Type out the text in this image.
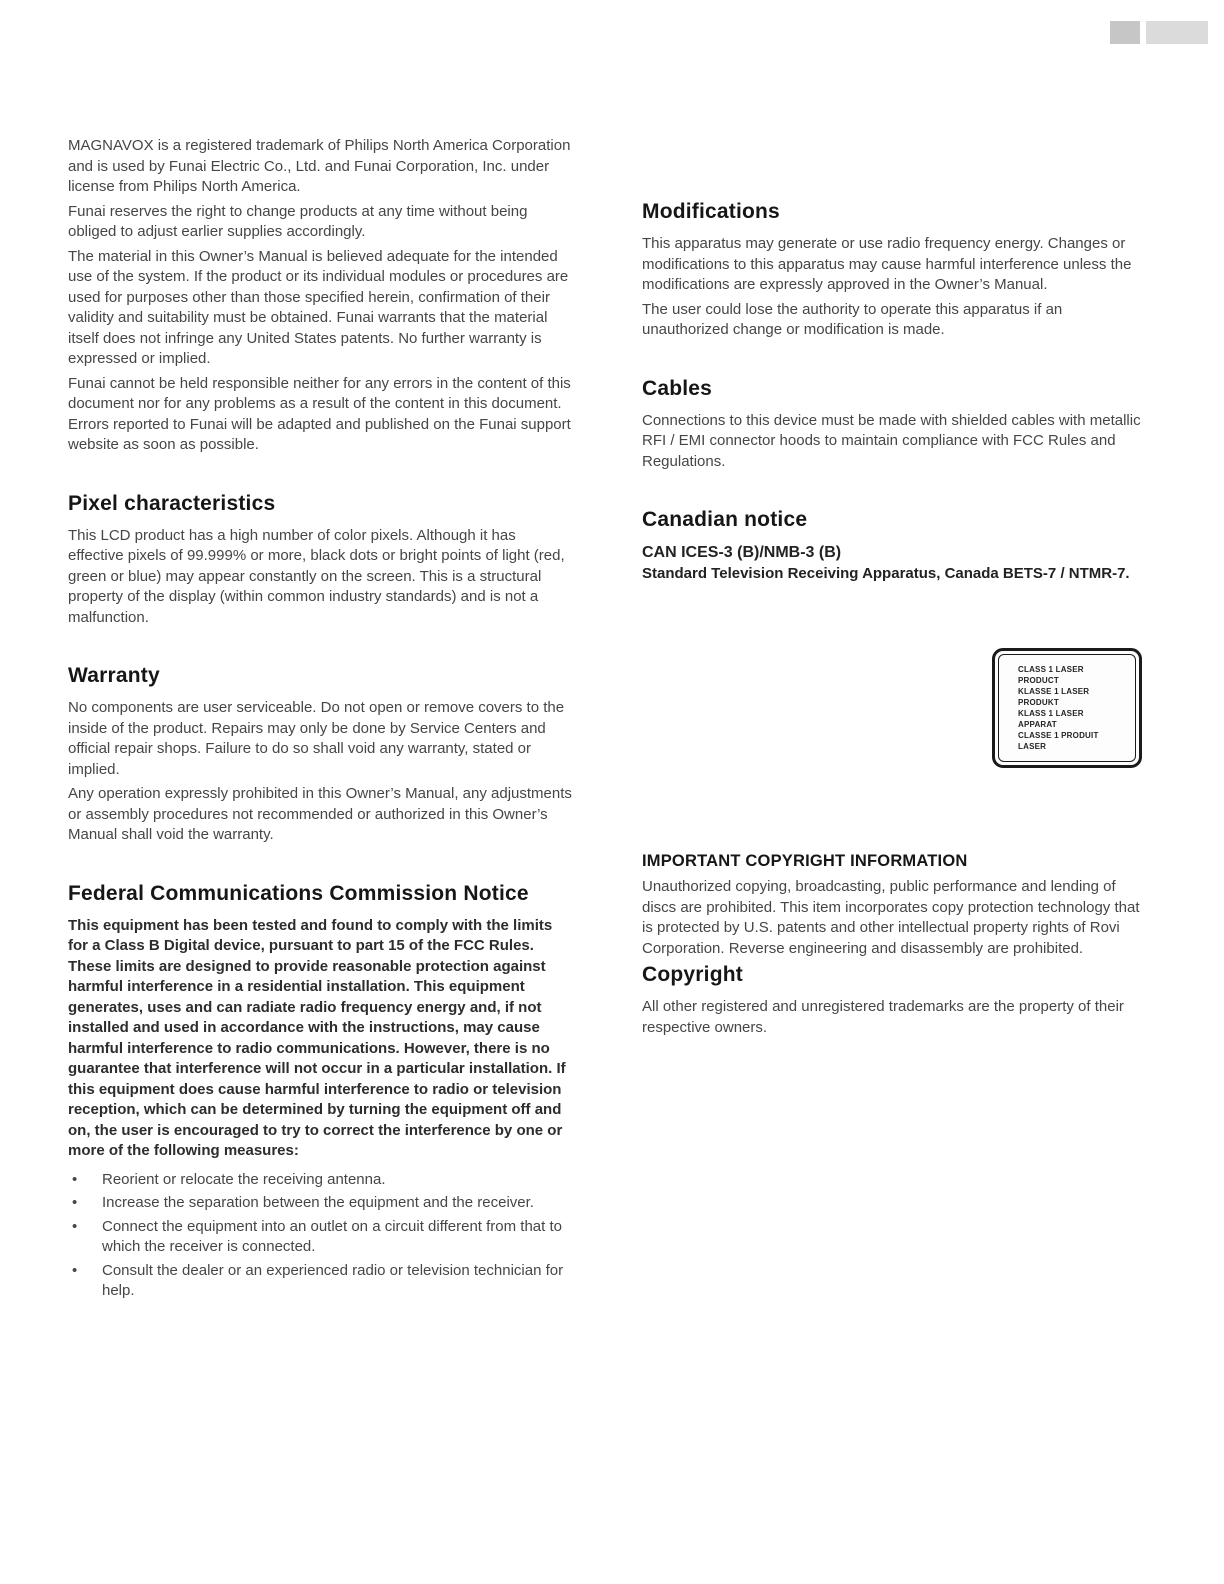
MAGNAVOX is a registered trademark of Philips North America Corporation and is used by Funai Electric Co., Ltd. and Funai Corporation, Inc. under license from Philips North America.

Funai reserves the right to change products at any time without being obliged to adjust earlier supplies accordingly.

The material in this Owner’s Manual is believed adequate for the intended use of the system. If the product or its individual modules or procedures are used for purposes other than those specified herein, confirmation of their validity and suitability must be obtained. Funai warrants that the material itself does not infringe any United States patents. No further warranty is expressed or implied.

Funai cannot be held responsible neither for any errors in the content of this document nor for any problems as a result of the content in this document. Errors reported to Funai will be adapted and published on the Funai support website as soon as possible.

Pixel characteristics

This LCD product has a high number of color pixels. Although it has effective pixels of 99.999% or more, black dots or bright points of light (red, green or blue) may appear constantly on the screen. This is a structural property of the display (within common industry standards) and is not a malfunction.

Warranty

No components are user serviceable. Do not open or remove covers to the inside of the product. Repairs may only be done by Service Centers and official repair shops. Failure to do so shall void any warranty, stated or implied.

Any operation expressly prohibited in this Owner’s Manual, any adjustments or assembly procedures not recommended or authorized in this Owner’s Manual shall void the warranty.

Federal Communications Commission Notice

This equipment has been tested and found to comply with the limits for a Class B Digital device, pursuant to part 15 of the FCC Rules. These limits are designed to provide reasonable protection against harmful interference in a residential installation. This equipment generates, uses and can radiate radio frequency energy and, if not installed and used in accordance with the instructions, may cause harmful interference to radio communications. However, there is no guarantee that interference will not occur in a particular installation. If this equipment does cause harmful interference to radio or television reception, which can be determined by turning the equipment off and on, the user is encouraged to try to correct the interference by one or more of the following measures:

• Reorient or relocate the receiving antenna.
• Increase the separation between the equipment and the receiver.
• Connect the equipment into an outlet on a circuit different from that to which the receiver is connected.
• Consult the dealer or an experienced radio or television technician for help.
Modifications

This apparatus may generate or use radio frequency energy. Changes or modifications to this apparatus may cause harmful interference unless the modifications are expressly approved in the Owner’s Manual.

The user could lose the authority to operate this apparatus if an unauthorized change or modification is made.

Cables

Connections to this device must be made with shielded cables with metallic RFI / EMI connector hoods to maintain compliance with FCC Rules and Regulations.

Canadian notice

CAN ICES-3 (B)/NMB-3 (B)

Standard Television Receiving Apparatus, Canada BETS-7 / NTMR-7.

CLASS 1 LASER PRODUCT
KLASSE 1 LASER PRODUKT
KLASS 1 LASER APPARAT
CLASSE 1 PRODUIT LASER
IMPORTANT COPYRIGHT INFORMATION

Unauthorized copying, broadcasting, public performance and lending of discs are prohibited. This item incorporates copy protection technology that is protected by U.S. patents and other intellectual property rights of Rovi Corporation. Reverse engineering and disassembly are prohibited.

Copyright

All other registered and unregistered trademarks are the property of their respective owners.
